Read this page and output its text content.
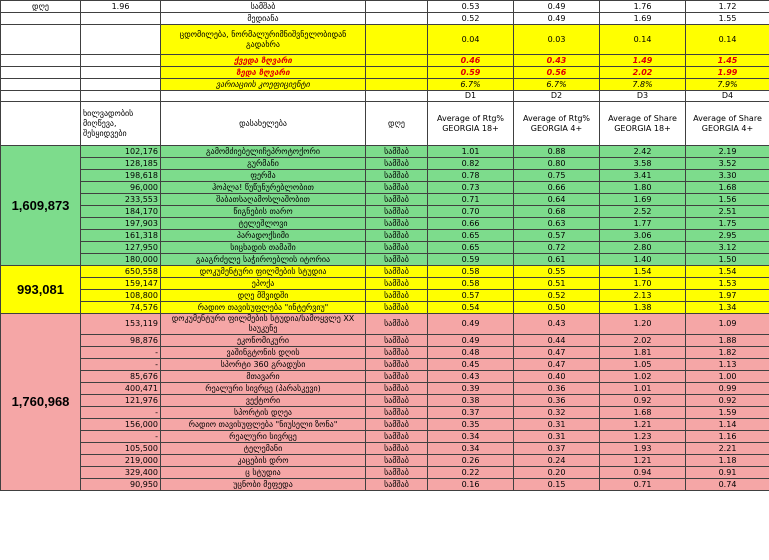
დღე	1.96	სამშაბ		0.53	0.49	1.76	1.72
		მედიანა		0.52	0.49	1.69	1.55
		ცდომილება, ნორმალურიმნიშვნელობიდან გადახრა		0.04	0.03	0.14	0.14
		ქვედა ზღვარი		0.46	0.43	1.49	1.45
		ზედა ზღვარი		0.59	0.56	2.02	1.99
		ვარიაციის კოეფიციენტი		6.7%	6.7%	7.8%	7.9%
				D1	D2	D3	D4
	ხილვადობის მიღწევა, შესყიდვები	დასახელება	დღე	Average of Rtg% GEORGIA 18+	Average of Rtg% GEORGIA 4+	Average of Share GEORGIA 18+	Average of Share GEORGIA 4+
1,609,873	102,176	გამომძიებელიჩეპროტოქორი	სამშაბ	1.01	0.88	2.42	2.19
	128,185	გურმანი	სამშაბ	0.82	0.80	3.58	3.52
	198,618	ფერმა	სამშაბ	0.78	0.75	3.41	3.30
	96,000	ჰოპლა! წუწუნურებლობით	სამშაბ	0.73	0.66	1.80	1.68
	233,553	შაბათსაღამოსლაშობით	სამშაბ	0.71	0.64	1.69	1.56
	184,170	წიგნების თარო	სამშაბ	0.70	0.68	2.52	2.51
	197,903	ტელეშლოვი	სამშაბ	0.66	0.63	1.77	1.75
	161,318	პარადოქსიმი	სამშაბ	0.65	0.57	3.06	2.95
	127,950	სიცხადის თამაში	სამშაბ	0.65	0.72	2.80	3.12
	180,000	გააგრძელე საჭიროებლის იტორია	სამშაბ	0.59	0.61	1.40	1.50
993,081	650,558	დოკუმენტური ფილმების სტუდია	სამშაბ	0.58	0.55	1.54	1.54
	159,147	ეპოქა	სამშაბ	0.58	0.51	1.70	1.53
	108,800	დღე მშვიდში	სამშაბ	0.57	0.52	2.13	1.97
	74,576	რადიო თავისუფლება "ინტერვიუ"	სამშაბ	0.54	0.50	1.38	1.34
1,760,968	153,119	დოკუმენტური ფილმების სტუდია/სამოყვლე XX საუკუნე	სამშაბ	0.49	0.43	1.20	1.09
	98,876	ეკონომიკური	სამშაბ	0.49	0.44	2.02	1.88
	-	ვაშინგტონის დღის	სამშაბ	0.48	0.47	1.81	1.82
	-	სპორტი 360 გრადუსი	სამშაბ	0.45	0.47	1.05	1.13
	85,676	მთავარი	სამშაბ	0.43	0.40	1.02	1.00
	400,471	რეალური სივრცე (პარასკევი)	სამშაბ	0.39	0.36	1.01	0.99
	121,976	ვექტორი	სამშაბ	0.38	0.36	0.92	0.92
	-	სპორტის დღეა	სამშაბ	0.37	0.32	1.68	1.59
	156,000	რადიო თავისუფლება "ნიუსელი ზონა"	სამშაბ	0.35	0.31	1.21	1.14
	-	რეალური სივრცე	სამშაბ	0.34	0.31	1.23	1.16
	105,500	ტელემანი	სამშაბ	0.34	0.37	1.93	2.21
	219,000	კაცების დრო	სამშაბ	0.26	0.24	1.21	1.18
	329,400	ც სტუდია	სამშაბ	0.22	0.20	0.94	0.91
	90,950	უცნობი მეფედა	სამშაბ	0.16	0.15	0.71	0.74
